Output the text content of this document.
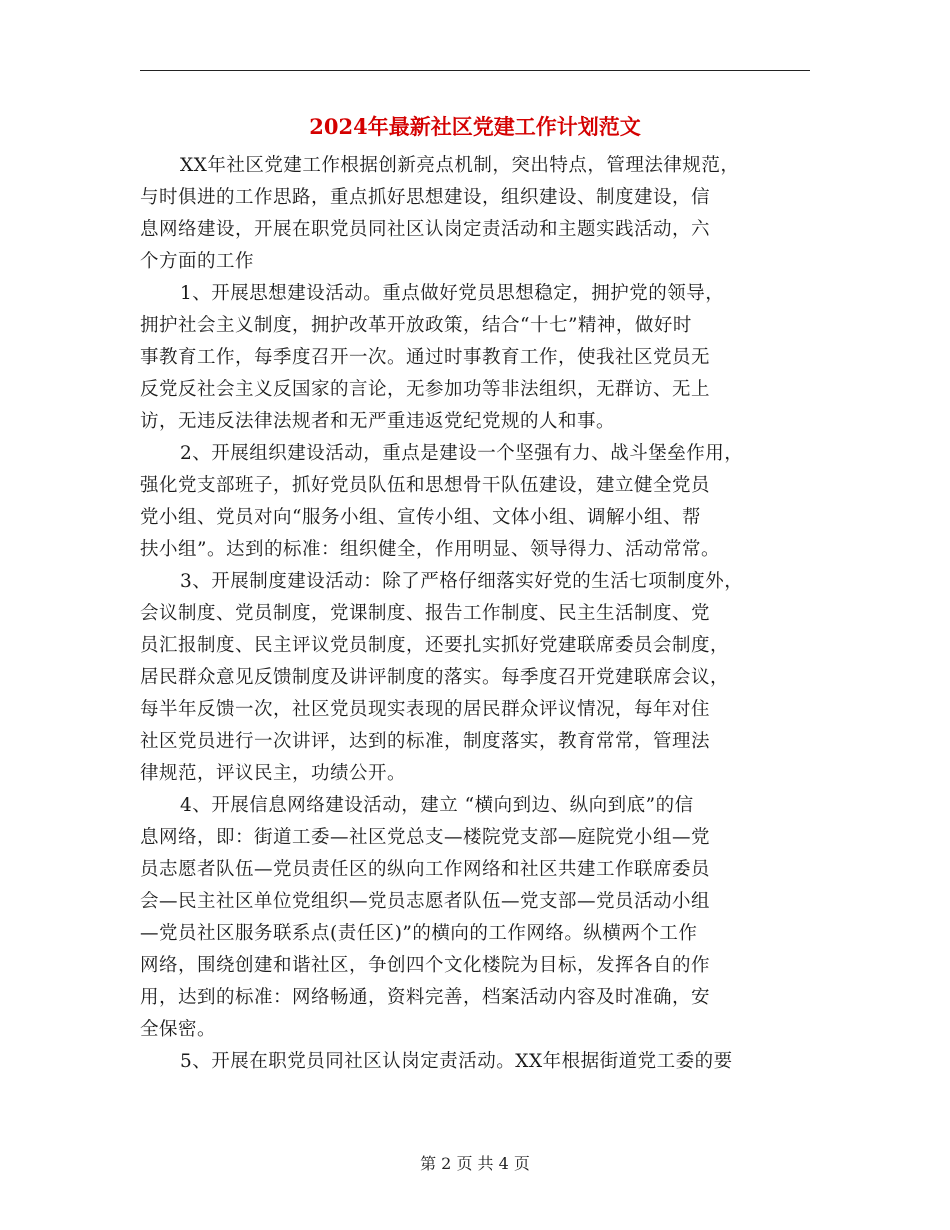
2024年最新社区党建工作计划范文

XX年社区党建工作根据创新亮点机制，突出特点，管理法律规范，
与时俱进的工作思路，重点抓好思想建设，组织建设、制度建设，信
息网络建设，开展在职党员同社区认岗定责活动和主题实践活动，六
个方面的工作

1、开展思想建设活动。重点做好党员思想稳定，拥护党的领导，
拥护社会主义制度，拥护改革开放政策，结合“十七”精神，做好时
事教育工作，每季度召开一次。通过时事教育工作，使我社区党员无
反党反社会主义反国家的言论，无参加功等非法组织，无群访、无上
访，无违反法律法规者和无严重违返党纪党规的人和事。

2、开展组织建设活动，重点是建设一个坚强有力、战斗堡垒作用，
强化党支部班子，抓好党员队伍和思想骨干队伍建设，建立健全党员
党小组、党员对向“服务小组、宣传小组、文体小组、调解小组、帮
扶小组”。达到的标准：组织健全，作用明显、领导得力、活动常常。

3、开展制度建设活动：除了严格仔细落实好党的生活七项制度外，
会议制度、党员制度，党课制度、报告工作制度、民主生活制度、党
员汇报制度、民主评议党员制度，还要扎实抓好党建联席委员会制度，
居民群众意见反馈制度及讲评制度的落实。每季度召开党建联席会议，
每半年反馈一次，社区党员现实表现的居民群众评议情况，每年对住
社区党员进行一次讲评，达到的标准，制度落实，教育常常，管理法
律规范，评议民主，功绩公开。

4、开展信息网络建设活动，建立 “横向到边、纵向到底”的信
息网络，即：街道工委—社区党总支—楼院党支部—庭院党小组—党
员志愿者队伍—党员责任区的纵向工作网络和社区共建工作联席委员
会—民主社区单位党组织—党员志愿者队伍—党支部—党员活动小组
—党员社区服务联系点(责任区)”的横向的工作网络。纵横两个工作
网络，围绕创建和谐社区，争创四个文化楼院为目标，发挥各自的作
用，达到的标准：网络畅通，资料完善，档案活动内容及时准确，安
全保密。

5、开展在职党员同社区认岗定责活动。XX年根据街道党工委的要

第 2 页 共 4 页
